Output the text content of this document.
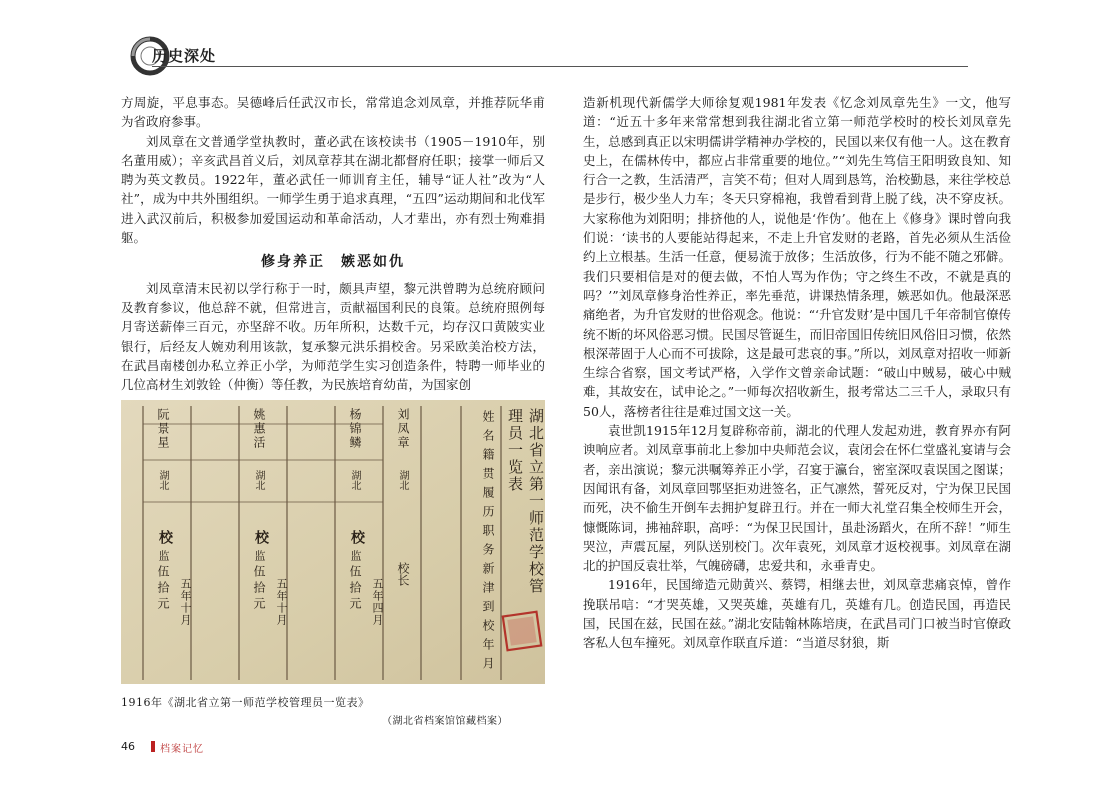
历史深处

方周旋，平息事态。吴德峰后任武汉市长，常常追念刘凤章，并推荐阮华甫为省政府参事。

刘凤章在文普通学堂执教时，董必武在该校读书（1905－1910年，别名董用威）；辛亥武昌首义后，刘凤章荐其在湖北都督府任职；接掌一师后又聘为英文教员。1922年，董必武任一师训育主任，辅导“证人社”改为“人社”，成为中共外围组织。一师学生勇于追求真理，“五四”运动期间和北伐军进入武汉前后，积极参加爱国运动和革命活动，人才辈出，亦有烈士殉难捐躯。

修身养正　嫉恶如仇

刘凤章清末民初以学行称于一时，颇具声望，黎元洪曾聘为总统府顾问及教育参议，他总辞不就，但常进言，贡献福国利民的良策。总统府照例每月寄送薪俸三百元，亦坚辞不收。历年所积，达数千元，均存汉口黄陂实业银行，后经友人婉劝利用该款，复承黎元洪乐捐校舍。另采欧美治校方法，在武昌南楼创办私立养正小学，为师范学生实习创造条件，特聘一师毕业的几位高材生刘敦铨（仲衡）等任教，为民族培育幼苗，为国家创

湖北省立第一师范学校管理员一览表
姓名籍贯履历职务新津到校年月
刘凤章
湖北
校长
杨锦鳞
湖北
校
监
伍拾元 五年四月
姚惠活
湖北
校
监
伍拾元 五年十月
阮景星
湖北
校
监
伍拾元 五年十月
1916年《湖北省立第一师范学校管理员一览表》
（湖北省档案馆馆藏档案）

造新机现代新儒学大师徐复观1981年发表《忆念刘凤章先生》一文，他写道：“近五十多年来常常想到我往湖北省立第一师范学校时的校长刘凤章先生，总感到真正以宋明儒讲学精神办学校的，民国以来仅有他一人。这在教育史上，在儒林传中，都应占非常重要的地位。”“刘先生笃信王阳明致良知、知行合一之教，生活清严，言笑不苟；但对人周到恳笃，治校勤恳，来往学校总是步行，极少坐人力车；冬天只穿棉袍，我曾看到背上脱了线，决不穿皮袄。大家称他为刘阳明；排挤他的人，说他是‘作伪’。他在上《修身》课时曾向我们说：‘读书的人要能站得起来，不走上升官发财的老路，首先必须从生活俭约上立根基。生活一任意，便易流于放侈；生活放侈，行为不能不随之邪僻。我们只要相信是对的便去做，不怕人骂为作伪；守之终生不改，不就是真的吗？’”刘凤章修身治性养正，率先垂范，讲课热情条理，嫉恶如仇。他最深恶痛绝者，为升官发财的世俗观念。他说：“‘升官发财’是中国几千年帝制官僚传统不断的坏风俗恶习惯。民国尽管诞生，而旧帝国旧传统旧风俗旧习惯，依然根深蒂固于人心而不可拔除，这是最可悲哀的事。”所以，刘凤章对招收一师新生综合省察，国文考试严格，入学作文曾亲命试题：“破山中贼易，破心中贼难，其故安在，试申论之。”一师每次招收新生，报考常达二三千人，录取只有50人，落榜者往往是难过国文这一关。

袁世凯1915年12月复辟称帝前，湖北的代理人发起劝进，教育界亦有阿谀响应者。刘凤章事前北上参加中央师范会议，袁闭会在怀仁堂盛礼宴请与会者，亲出演说；黎元洪嘱筹养正小学，召宴于瀛台，密室深叹袁误国之图谋；因闻讯有备，刘凤章回鄂坚拒劝进签名，正气凛然，誓死反对，宁为保卫民国而死，决不偷生开倒车去拥护复辟丑行。并在一师大礼堂召集全校师生开会，慷慨陈词，拂袖辞职，高呼：“为保卫民国计，虽赴汤蹈火，在所不辞！”师生哭泣，声震瓦屋，列队送别校门。次年袁死，刘凤章才返校视事。刘凤章在湖北的护国反袁壮举，气魄磅礴，忠爱共和，永垂青史。

1916年，民国缔造元勋黄兴、蔡锷，相继去世，刘凤章悲痛哀悼，曾作挽联吊唁：“才哭英雄，又哭英雄，英雄有几，英雄有几。创造民国，再造民国，民国在兹，民国在兹。”湖北安陆翰林陈培庚，在武昌司门口被当时官僚政客私人包车撞死。刘凤章作联直斥道：“当道尽豺狼，斯

46	档案记忆
